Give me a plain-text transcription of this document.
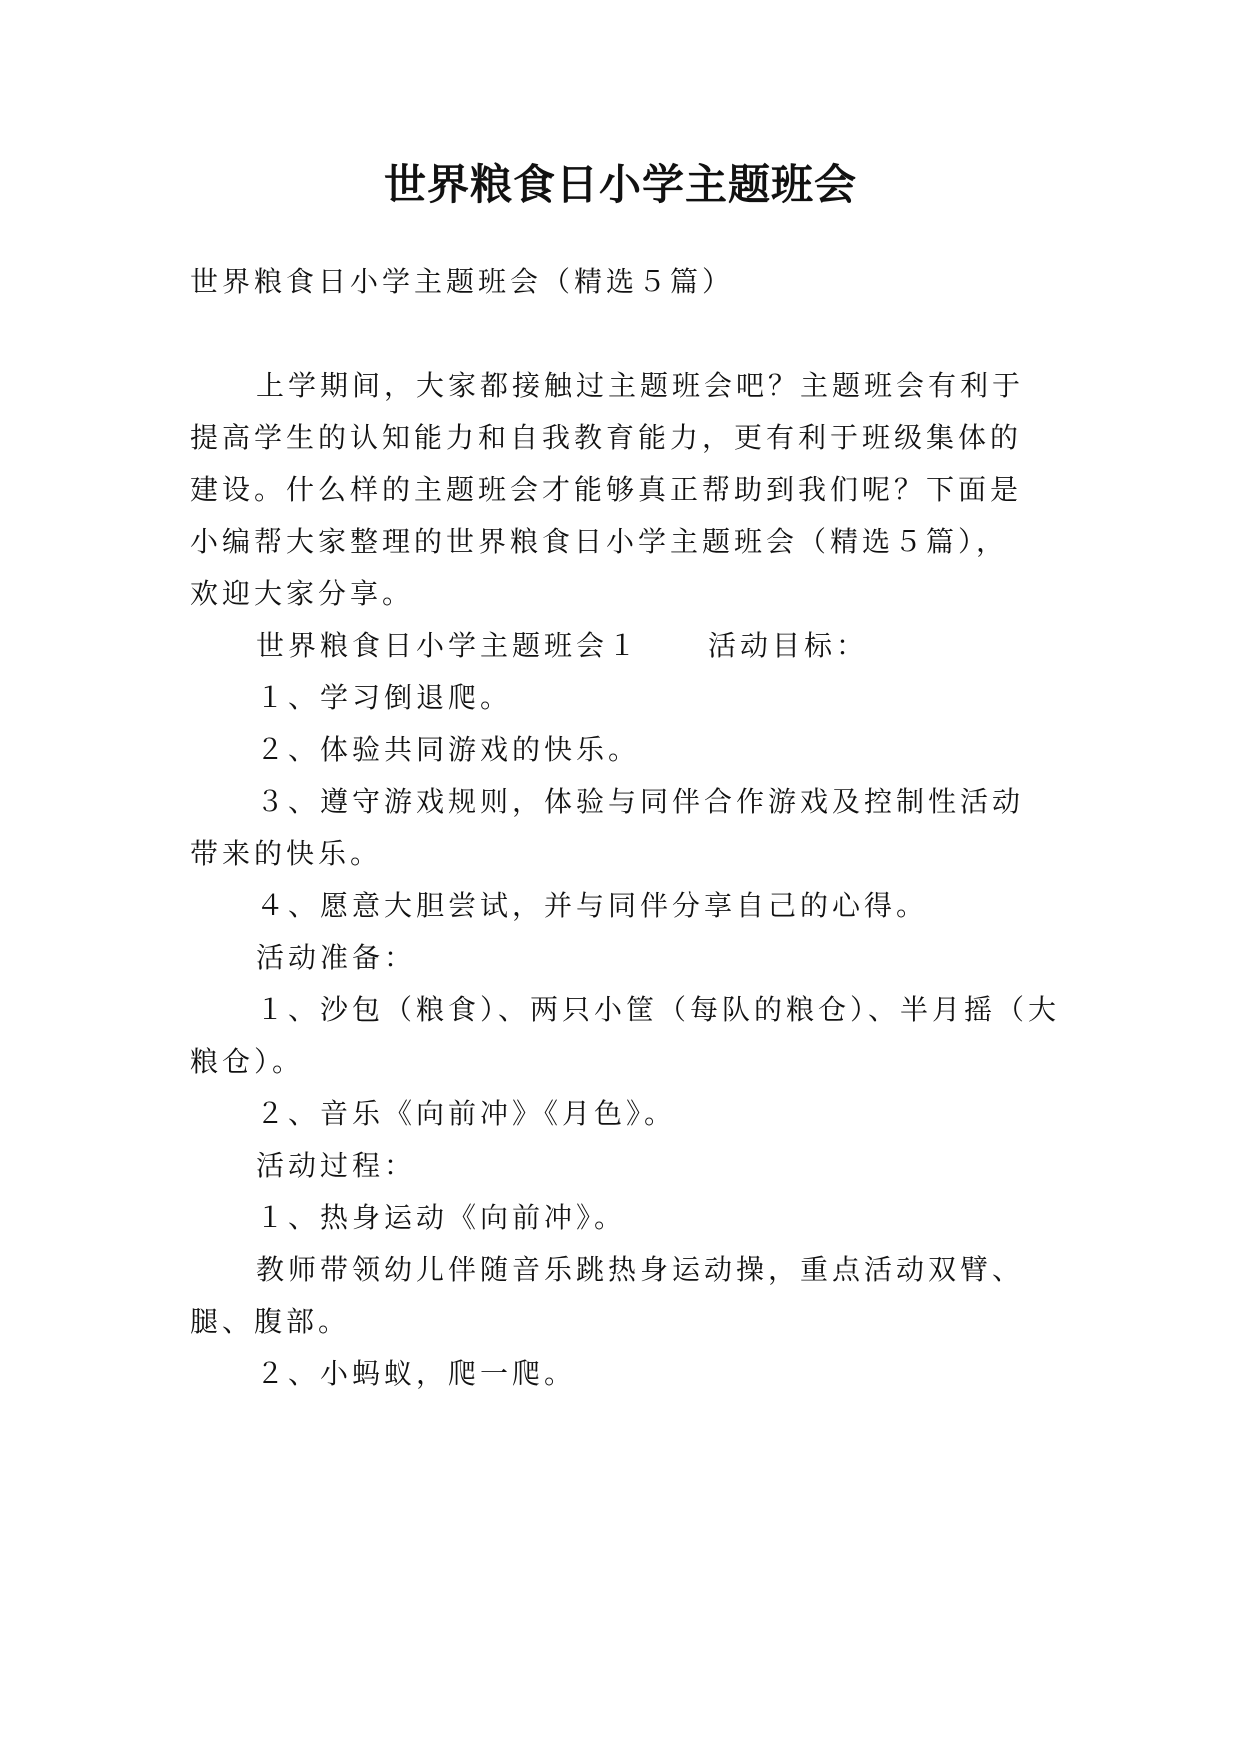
世界粮食日小学主题班会
世界粮食日小学主题班会（精选５篇）
上学期间，大家都接触过主题班会吧？主题班会有利于
提高学生的认知能力和自我教育能力，更有利于班级集体的
建设。什么样的主题班会才能够真正帮助到我们呢？下面是
小编帮大家整理的世界粮食日小学主题班会（精选５篇），
欢迎大家分享。
世界粮食日小学主题班会１ 活动目标：
１、学习倒退爬。
２、体验共同游戏的快乐。
３、遵守游戏规则，体验与同伴合作游戏及控制性活动
带来的快乐。
４、愿意大胆尝试，并与同伴分享自己的心得。
活动准备：
１、沙包（粮食）、两只小筐（每队的粮仓）、半月摇（大
粮仓）。
２、音乐《向前冲》《月色》。
活动过程：
１、热身运动《向前冲》。
教师带领幼儿伴随音乐跳热身运动操，重点活动双臂、
腿、腹部。
２、小蚂蚁，爬一爬。
